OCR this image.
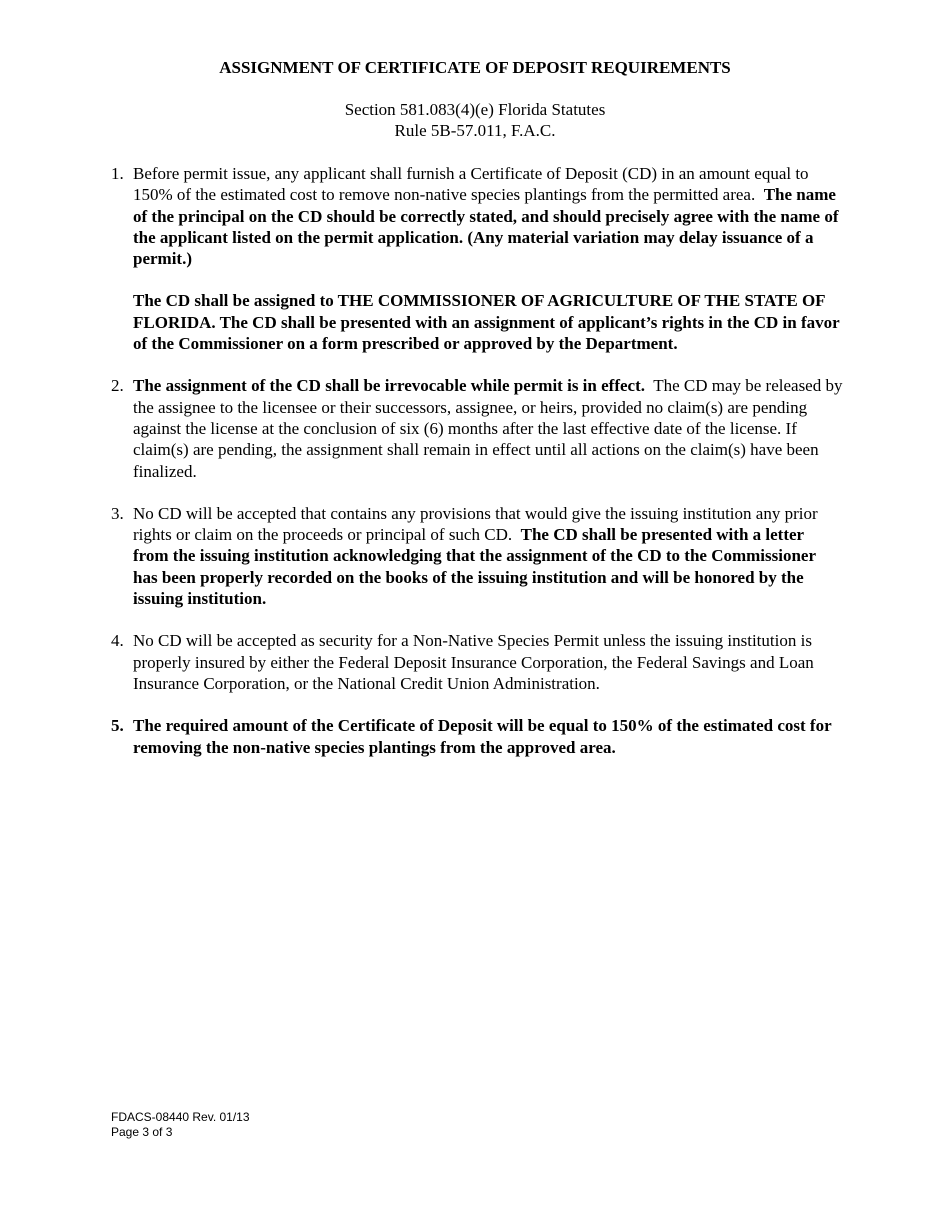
ASSIGNMENT OF CERTIFICATE OF DEPOSIT REQUIREMENTS
Section 581.083(4)(e) Florida Statutes
Rule 5B-57.011, F.A.C.
1. Before permit issue, any applicant shall furnish a Certificate of Deposit (CD) in an amount equal to 150% of the estimated cost to remove non-native species plantings from the permitted area. The name of the principal on the CD should be correctly stated, and should precisely agree with the name of the applicant listed on the permit application. (Any material variation may delay issuance of a permit.)

The CD shall be assigned to THE COMMISSIONER OF AGRICULTURE OF THE STATE OF FLORIDA. The CD shall be presented with an assignment of applicant’s rights in the CD in favor of the Commissioner on a form prescribed or approved by the Department.

2. The assignment of the CD shall be irrevocable while permit is in effect. The CD may be released by the assignee to the licensee or their successors, assignee, or heirs, provided no claim(s) are pending against the license at the conclusion of six (6) months after the last effective date of the license. If claim(s) are pending, the assignment shall remain in effect until all actions on the claim(s) have been finalized.

3. No CD will be accepted that contains any provisions that would give the issuing institution any prior rights or claim on the proceeds or principal of such CD. The CD shall be presented with a letter from the issuing institution acknowledging that the assignment of the CD to the Commissioner has been properly recorded on the books of the issuing institution and will be honored by the issuing institution.

4. No CD will be accepted as security for a Non-Native Species Permit unless the issuing institution is properly insured by either the Federal Deposit Insurance Corporation, the Federal Savings and Loan Insurance Corporation, or the National Credit Union Administration.

5. The required amount of the Certificate of Deposit will be equal to 150% of the estimated cost for removing the non-native species plantings from the approved area.

FDACS-08440 Rev. 01/13
Page 3 of 3
